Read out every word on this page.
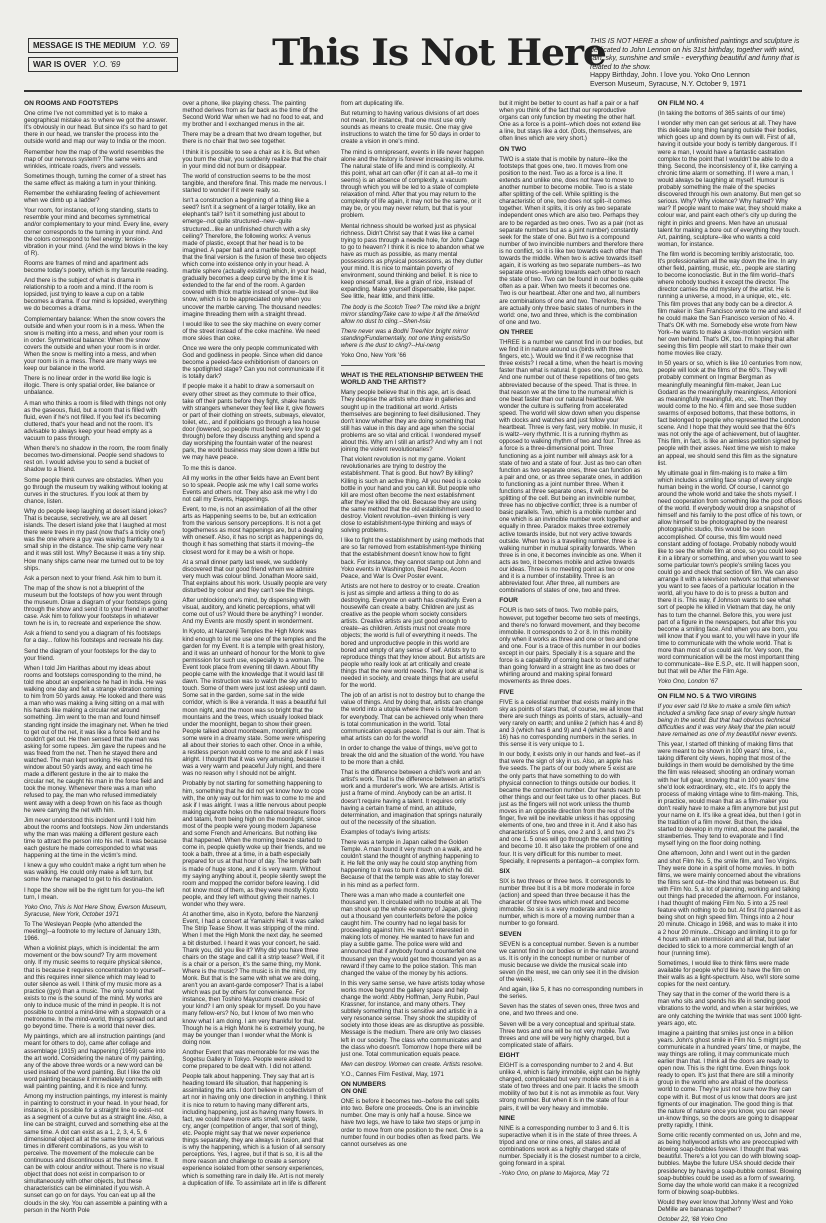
MESSAGE IS THE MEDIUM Y.O. '69
WAR IS OVER Y.O. '69	This Is Not Here
THIS IS NOT HERE a show of unfinished paintings and sculpture is dedicated to John Lennon on his 31st birthday, together with wind, rain, sky, sunshine and smile - everything beautiful and funny that is related to the show.
Happy Birthday, John. I love you. Yoko Ono Lennon
Everson Museum, Syracuse, N.Y. October 9, 1971
ON ROOMS AND FOOTSTEPS

One crime I've not committed yet is to make a geographical mistake as to where we got the answer. It's obviously in our head. But since it's so hard to get there in our head, we transfer the process into the outside world and map our way to India or the moon.

Remember how the map of the world resembles the map of our nervous system? The same veins and wrinkles, intricate roads, rivers and vessels.

Sometimes though, turning the corner of a street has the same effect as making a turn in your thinking.

Remember the exhilarating feeling of achievement when we climb up a ladder?

Your room, for instance, of long standing, starts to resemble your mind and becomes symmetrical and/or complementary to your mind. Every line, every corner corresponds to the turning in your mind. And the colors correspond to feel energy: tension-vibration in your mind. (And the wind blows in the key of R).

Rooms are frames of mind and apartment ads become today's poetry, which is my favourite reading.

And there is the subject of what is drama in relationship to a room and a mind. If the room is lopsided, just trying to leave a cup on a table becomes a drama. If our mind is lopsided, everything we do becomes a drama.

Complementary balance: When the snow covers the outside and when your room is in a mess. When the snow is melting into a mess, and when your room is in order. Symmetrical balance: When the snow covers the outside and when your room is in order. When the snow is melting into a mess, and when your room is in a mess. There are many ways we keep our balance in the world.

There is no linear order in the world like logic is illogic. There is only spatial order, like balance or unbalance.

A man who thinks a room is filled with things not only as the gaseous, fluid, but a room that is filled with fluid, even if he's not filled. If you feel it's becoming cluttered, that's your head and not the room. It's advisable to always keep your head empty as a vacuum to pass through.

When there's no shadow in the room, the room finally becomes two-dimensional. People send shadows to rest on. I would advise you to send a bucket of shadow to a friend.

Some people think curves are obstacles. When you go through the museum try walking without looking at curves in the structures. If you look at them by chance, listen.

Why do people keep laughing at desert island jokes? That is because, secretively, we are all desert islands. The desert island joke that I laughed at most there were trees in my past (now that's a tricky one!) was the one where a guy was waving frantically to a small ship in the distance. The ship came very near and it was still lost. Why? Because it was a tiny ship. How many ships came near me turned out to be toy ships.

Ask a person next to your friend. Ask him to burn it.

The map of the show is not a blueprint of the museum but the footsteps of how you went through the museum. Draw a diagram of your footsteps going through the show and send it to your friend in another case. Ask him to follow your footsteps in whatever town he is in, to recreate and experience the show.

Ask a friend to send you a diagram of his footsteps for a day... follow his footsteps and recreate his day.

Send the diagram of your footsteps for the day to your friend.

When I told Jim Harithas about my ideas about rooms and footsteps corresponding to the mind, he told me about an experience he had in India. He was walking one day and felt a strange vibration coming to him from 50 yards away. He looked and there was a man who was making a living sitting on a mat with his hands like making a circular net around something. Jim went to the man and found himself standing right inside the imaginary net. When he tried to get out of the net, it was like a force field and he couldn't get out. He then sensed that the man was asking for some rupees. Jim gave the rupees and he was freed from the net. Then he stayed there and watched. The man kept working. He opened his window about 50 yards away, and each time he made a different gesture in the air to make the circular net, he caught his man in the force field and took the money. Whenever there was a man who refused to pay, the man who refused immediately went away with a deep frown on his face as though he were carrying the net with him.

Jim never understood this incident until I told him about the rooms and footsteps. Now Jim understands why the man was making a different gesture each time to attract the person into his net. It was because each gesture he made corresponded to what was happening at the time in the victim's mind.

I knew a guy who couldn't make a right turn when he was walking. He could only make a left turn, but some how he managed to get to his destination.

I hope the show will be the right turn for you--the left turn, I mean.

Yoko Ono, This is Not Here Show, Everson Museum, Syracuse, New York, October 1971

To The Wesleyan People (who attended the meeting)--a footnote to my lecture of January 13th, 1966.

When a violinist plays, which is incidental: the arm movement or the bow sound? Try arm movement only. If my music seems to require physical silence, that is because it requires concentration to yourself--and this requires inner silence which may lead to outer silence as well. I think of my music more as a practice (gyo) than a music. The only sound that exists to me is the sound of the mind. My works are only to induce music of the mind in people. It is not possible to control a mind-time with a stopwatch or a metronome. In the mind-world, things spread out and go beyond time. There is a world that never dies.

My paintings, which are all instruction paintings (and meant for others to do), came after collage and assemblage (1915) and happening (1959) came into the art world. Considering the nature of my painting, any of the above three words or a new word can be used instead of the word painting. But I like the old word painting because it immediately connects with wall painting painting, and it is nice and funny.

Among my instruction paintings, my interest is mainly in painting to construct in your head. In your head, for instance, it is possible for a straight line to exist--not as a segment of a curve but as a straight line. Also, a line can be straight, curved and something else at the same time. A dot can exist as a 1, 2, 3, 4, 5, 6 dimensional object all at the same time or at various times in different combinations, as you wish to perceive. The movement of the molecule can be continuous and discontinuous at the same time. It can be with colour and/or without. There is no visual object that does not exist in comparison to or simultaneously with other objects, but these characteristics can be eliminated if you wish. A sunset can go on for days. You can eat up all the clouds in the sky. You can assemble a painting with a person in the North Pole

over a phone, like playing chess. The painting method derives from as far back as the time of the Second World War when we had no food to eat, and my brother and I exchanged menus in the air.

There may be a dream that two dream together, but there is no chair that two see together.

I think it is possible to see a chair as it is. But when you burn the chair, you suddenly realize that the chair in your mind did not burn or disappear.

The world of construction seems to be the most tangible, and therefore final. This made me nervous. I started to wonder if it were really so.

Isn't a construction a beginning of a thing like a seed? Isn't it a segment of a larger totality, like an elephant's tail? Isn't it something just about to emerge--not quite structured--new--quite structured...like an unfinished church with a sky ceiling? Therefore, the following works: A venus made of plastic, except that her head is to be imagined. A paper ball and a marble book, except that the final version is the fusion of these two objects which come into existence only in your head. A marble sphere (actually existing) which, in your head, gradually becomes a deep curve by the time it is extended to the far end of the room. A garden covered with thick marble instead of snow--but like snow, which is to be appreciated only when you uncover the marble carving. The thousand needles: imagine threading them with a straight thread.

I would like to see the sky machine on every corner of the street instead of the coke machine. We need more skies than coke.

Once we were the only people communicated with God and godliness in people. Since when did dance become a peeled-face exhibitionism of dancers on the spotlighted stage? Can you not communicate if it is totally dark?

If people make it a habit to draw a somersault on every other street as they commute to their office, take off their pants before they fight, shake hands with strangers whenever they feel like it, give flowers or part of their clothing on streets, subways, elevator, toilet, etc., and if politicians go through a tea house door (lowered, so people must bend very low to get through) before they discuss anything and spend a day worshiping the fountain water of the nearest park, the world business may slow down a little but we may have peace.

To me this is dance.

All my works in the other fields have an Event bent so to speak. People ask me why I call some works Events and others not. They also ask me why I do not call my Events, Happenings.

Event, to me, is not an assimilation of all the other arts as Happening seems to be, but an extrication from the various sensory perceptions. It is not a get togetherness as most happenings are, but a dealing with oneself. Also, it has no script as happenings do, though it has something that starts it moving--the closest word for it may be a wish or hope.

At a small dinner party last week, we suddenly discovered that our good friend whom we admire very much was colour blind. Jonathan Moore said, That explains about his work. Usually people are very disturbed by colour and they can't see the things.

After unblocking one's mind, by dispensing with visual, auditory, and kinetic perceptions, what will come out of us? Would there be anything? I wonder. And my Events are mostly spent in wonderment.

In Kyoto, at Nanzenji Temples the High Monk was kind enough to let me use one of the temples and the garden for my Event. It is a temple with great history, and it was an unheard of honour for the Monk to give permission for such use, especially to a woman. The Event took place from evening till dawn. About fifty people came with the knowledge that it would last till dawn. The instruction was to watch the sky and to touch. Some of them were just lost asleep until dawn. Some sat in the garden, some sat in the wide corridor, which is like a veranda. It was a beautiful full moon night, and the moon was so bright that the mountains and the trees, which usually looked black under the moonlight, began to show their green. People talked about moonbeam, moonlight, and some were in a dreamy state. Some were whispering all about their stories to each other. Once in a while, a restless person would come to me and ask if I was alright. I thought that it was very amusing, because it was a very warm and peaceful July night, and there was no reason why I should not be alright.

Probably by not starting for something happening to him, something that he did not yet know how to cope with, the only way out for him was to come to me and ask if I was alright. I was a little nervous about people making cigarette holes on the national treasure floors and tatami, from being high on the moonlight, since most of the people were young modern Japanese and some French and Americans. But nothing like that happened. When the morning breeze started to come in, people quietly woke up their friends, and we took a bath, three at a time, in a bath especially prepared for us at that hour of day. The temple bath is made of huge stone, and it is very warm. Without my saying anything about it, people silently swept the room and mopped the corridor before leaving. I did not know most of them, as they were mostly Kyoto people, and they left without giving their names. I wonder who they were.

At another time, also in Kyoto, before the Nanzenji Event, I had a concert at Yamaichi Hall. It was called The Strip Tease Show. It was stripping of the mind. When I met the High Monk the next day, he seemed a bit disturbed. I heard it was your concert, he said. Thank you, did you like it? Why did you have three chairs on the stage and call it a strip tease? Well, if it is a chair or a person, it's the same thing, my Monk. Where is the music? The music is in the mind, my Monk. But that is the same with what we are doing, aren't you an avant-garde composer? That is a label which was put by others for convenience. For instance, then Toshiro Mayuzumi create music of your kind? I am only speak for myself. Do you have many fellow-ers? No, but I know of two men who know what I am doing. I am very thankful for that. Though he is a High Monk he is extremely young, he may be younger than I wonder what the Monk is doing now.

Another Event that was memorable for me was the Sogetsu Gallery in Tokyo. People were asked to come prepared to be dealt with. I did not attend.

People talk about happening. They say that art is heading toward life situation, that happening is assimilating the arts. I don't believe in collectivism of art nor in having only one direction in anything. I think it is nice to return to having many different arts, including happening, just as having many flowers. In fact, we could have more arts smell, weight, taste, cry, anger (competition of anger, that sort of thing), etc. People might say that we never experience things separately, they are always in fusion, and that is why the happening, which is a fusion of all sensory perceptions. Yes, I agree, but if that is so, it is all the more reason and challenge to create a sensory experience isolated from other sensory experiences, which is something rare in daily life. Art is not merely a duplication of life. To assimilate art in life is different

from art duplicating life.

But returning to having various divisions of art does not mean, for instance, that one must use only sounds as means to create music. One may give instructions to watch the time for 50 days in order to create a vision in one's mind.

The mind is omnipresent, events in life never happen alone and the history is forever increasing its volume. The natural state of life and mind is complexity. At this point, what art can offer (if it can at all--to me it seems) is an absence of complexity, a vacuum through which you will be led to a state of complete relaxation of mind. After that you may return to the complexity of life again, it may not be the same, or it may be, or you may never return, but that is your problem.

Mental richness should be worked just as physical richness. Didn't Christ say that it was like a camel trying to pass through a needle hole, for John Cage to go to heaven? I think it is nice to abandon what we have as much as possible, as many mental possessions as physical possessions, as they clutter your mind. It is nice to maintain poverty of environment, sound thinking and belief. It is nice to keep oneself small, like a grain of rice, instead of expanding. Make yourself dispensable, like paper. See little, hear little, and think little.

The body is the Scotch Tree? The mind like a bright mirror standing/Take care to wipe it all the time/And allow no dust to cling.--Shen-hsiu

There never was a Bodhi Tree/Nor bright mirror standing/Fundamentally, not one thing exists/So where is the dust to cling?--Hui-neng

Yoko Ono, New York '66

WHAT IS THE RELATIONSHIP BETWEEN THE WORLD AND THE ARTIST?

Many people believe that in this age, art is dead. They despise the artists who draw in galleries and sought up in the traditional art world. Artists themselves are beginning to feel disillusioned. They don't know whether they are doing something that still has value in this day and age when the social problems are so vital and critical. I wondered myself about this. Why am I still an artist? And why am I not joining the violent revolutionaries?

That violent revolution is not my game. Violent revolutionaries are trying to destroy the establishment. That is good. But how? By killing? Killing is such an active thing. All you need is a coke bottle in your hand and you can kill. But people who kill are most often become the next establishment after they've killed the old. Because they are using the same method that the old establishment used to destroy. Violent revolution--even thinking is very close to establishment-type thinking and ways of solving problems.

I like to fight the establishment by using methods that are so far removed from establishment-type thinking that the establishment doesn't know how to fight back. For instance, they cannot stamp out John and Yoko events in Washington, Bed Peace, Acorn Peace, and War Is Over Poster event.

Artists are not here to destroy or to create. Creation is just as simple and artless a thing to do as destroying. Everyone on earth has creativity. Even a housewife can create a baby. Children are just as creative as the people whom society considers artists. Creative artists are just good enough to create--as children. Artists must not create more objects; the world is full of everything it needs. The bored and unproductive people in this world are bored and empty of any sense of self. Artists try to reproduce things that they know about. But artists are people who really look at art critically and create things that the new world needs. They look at what is needed in society, and create things that are useful for the world.

The job of an artist is not to destroy but to change the value of things. And by doing that, artists can change the world into a utopia where there is total freedom for everybody. That can be achieved only when there is total communication in the world. Total communication equals peace. That is our aim. That is what artists can do for the world!

In order to change the value of things, we've got to break the old and the situation of the world. You have to be more than a child.

That is the difference between a child's work and an artist's work. That is the difference between an artist's work and a murderer's work. We are artists. Artist is just a frame of mind. Anybody can be an artist. It doesn't require having a talent. It requires only having a certain frame of mind, an attitude, determination, and imagination that springs naturally out of the necessity of the situation.

Examples of today's living artists:

There was a temple in Japan called the Golden Temple. A man found it very much on a walk, and he couldn't stand the thought of anything happening to it. He felt the only way he could stop anything from happening to it was to burn it down, which he did. Because of that the temple was able to stay forever in his mind as a perfect form.

There was a man who made a counterfeit one thousand yen. It circulated with no trouble at all. The man shook up the whole economy of Japan, giving out a thousand yen counterfeits before the police caught him. The country had no legal basis for proceeding against him. He wasn't interested in making lots of money. He wanted to have fun and play a subtle game. The police were wild and announced that if anybody found a counterfeit one thousand yen they would get two thousand yen as a reward if they came to the police station. This man changed the value of the money by his actions.

In this very same sense, we have artists today whose works move beyond the gallery space and help change the world: Abby Hoffman, Jerry Rubin, Paul Krassner, for instance, and many others. They subtlely something that is sensitive and artistic in a very resonance sense. They shook the stupidity of society into those ideas are as disruptive as possible. Message is the medium. There are only two classes left in our society. The class who communicates and the class who doesn't. Tomorrow I hope there will be just one. Total communication equals peace.

Men can destroy. Women can create. Artists resolve.

Y.O., Cannes Film Festival, May, 1971

ON NUMBERS
ON ONE

ONE is before it becomes two--before the cell splits into two. Before one proceeds. One is an invincible number. One may is only half a house. Since we have two legs, we have to take two steps or jump in order to move from one position to the next. One is a number found in our bodies often as fixed parts. We cannot ourselves as one

but it might be better to count as half a pair or a half when you think of the fact that our reproductive organs can only function by meeting the other half. One as a force is a point--which does not extend like a line, but stays like a dot. (Dots, themselves, are often lines which are very short.)

ON TWO

TWO is a state that is mobile by nature--like the footsteps that goes one, two. It moves from one position to the next. Two as a force is a line. It extends and unlike one, does not have to move to another number to become mobile. Two is a state after splitting of the cell. While splitting is the characteristic of one, two does not split--it comes together. When it splits, it is only as two separate independent ones which are also two. Perhaps they are to be regarded as two ones. Two as a pair (not as separate numbers but as a joint number) constantly seek for the state of one. But two is a compound number of two invincible numbers and therefore there is no conflict, so it is like two towards each other than towards the middle. When two is active towards itself again, it is working as two separate numbers--as two separate ones--working towards each other to reach the state of two. Two can be found in our bodies quite often as a pair. When two meets it becomes one. Two is our heartbeat. After one and two, all numbers are combinations of one and two. Therefore, there are actually only three basic states of numbers in the world: one, two and three, which is the combination of one and two.

ON THREE

THREE is a number we cannot find in our bodies, but we find it in nature around us (birds with three fingers, etc.). Would we find it if we recognise that three exists? I recall a time, when the heart is moving faster than what is natural. It goes one, two, one, two. And one number out of these repetitions of two gets abbreviated because of the speed. That is three. In that reason we at the time to the numeral which is one beat faster than our natural heartbeat. We wonder the culture is suffering from accelerated speed. The world will slow down when you dispense with clocks and watches and just follow your heartbeat. Three is very fast, very mobile. In music, it is waltz--very rhythmic. It is a running rhythm as opposed to walking rhythm of two and four. Three as a force is a three-dimensional point. Three functioning as a joint number will always ask for a state of two and a state of four. Just as two can often function as two separate ones, three can function as a pair and one, or as three separate ones, in addition to functioning as a joint number three. When it functions at three separate ones, it will never be splitting of the cell. But being an invincible number, three has no objective conflict; three is a number of basic parallels. Two, which is a mobile number and one which is an invincible number work together and equally in three. Paradox makes three extremely active towards inside, but not very active towards outside. When two is a travelling number, three is a walking number in mutual spirality forwards. When three is in one, it becomes invincible as one. When it acts as two, it becomes mobile and active towards our ideas. Three is no meeting point as two or one and it is a number of instability. Three is an abbreviated four. After three, all numbers are combinations of states of one, two and three.

FOUR

FOUR is two sets of twos. Two mobile pairs, however, put together become two sets of meetings, and there's no forward movement, and they become immobile. It corresponds to 2 or 8. In this mobility only when it works as three and one or two and one and one. Four is a trace of this number in our bodies except in our pairs. Specially it is a square and the force is a capability of coming back to oneself rather than going forward in a straight line as two does or whirling around and making spiral forward movements as three does.

FIVE

FIVE is a celestial number that exists mainly in the sky as points of stars that, of course, we all know that there are such things as points of stars, actually--and very rarely on earth; and unlike 2 (which has 4 and 8) and 3 (which has 6 and 9) and 4 (which has 8 and 16) has no corresponding numbers in the series. In this sense it is very unique to 1.

In our body, it exists only in our hands and feet--as if that were the sign of sky in us. Also, an apple has five seeds. The parts of our body where 5 exist are the only parts that have something to do with physical connection to things outside our bodies. It became the connection number. Our hands reach to other things and our feet take us to other places. But just as the fingers will not work unless the thumb moves in an opposite direction from the rest of the finger, five will be inevitable unless it has opposing elements of one, two and three in it. And it also has characteristics of 5 ones, one 2 and 3, and two 2's and one 1. 5 ones will go through the cell splitting and become 10. It also take the problem of one and four. It is very difficult for this number to meet. Specially, it represents a pentagon--a complex form.

SIX

SIX is two threes or three twos. It corresponds to number three but it is a bit more moderate in force (action) and speed than three because it has the character of three twos which meet and become immobile. So six is a very moderate and nice number, which is more of a moving number than a number to go forward.

SEVEN

SEVEN is a conceptual number. Seven is a number we cannot find in our bodies or in the nature around us. It is only in the concept number or number of music because we divide the musical scale into seven (in the west, we can only see it in the division of the week).

And again, like 5, it has no corresponding numbers in the series.

Seven has the states of seven ones, three twos and one, and two threes and one.

Seven will be a very conceptual and spiritual state. Three twos and one will be not very mobile. Two threes and one will be very highly charged, but a complicated state of affairs.

EIGHT

EIGHT is a corresponding number to 2 and 4. But unlike 4, which is fairly immobile, eight can be highly charged, complicated but very mobile when it is in a state of two threes and one pair. It lacks the smooth mobility of two but it is not as immobile as four. Very strong number. But when it is in the state of four pairs, it will be very heavy and immobile.

NINE

NINE is a corresponding number to 3 and 6. It is superactive when it is in the state of three threes. A tripod and one or nine ones, all states and all combinations work as a highly charged state of number. Specially it is the closest number to a circle, going forward in a spiral.

-Yoko Ono, on plane to Majorca, May '71

ON FILM NO. 4

(In taking the bottoms of 365 saints of our time)

I wonder why men can get serious at all. They have this delicate long thing hanging outside their bodies, which goes up and down by its own will. First of all, having it outside your body is terribly dangerous. If I were a man, I would have a fantastic castration complex to the point that I wouldn't be able to do a thing. Second, the inconsistency of it, like carrying a chronic time alarm or something. If I were a man, I would always be laughing at myself. Humour is probably something the male of the species discovered through his own anatomy. But men get so serious. Why? Why violence? Why hatred? Why war? If people want to make war, they should make a colour war, and paint each other's city up during the night in pinks and greens. Men have an unusual talent for making a bore out of everything they touch. Art, painting, sculpture--like who wants a cold woman, for instance.

The film world is becoming terribly aristocratic, too. It's professionalism all the way down the line. In any other field, painting, music, etc., people are starting to become iconoclastic. But in the film world--that's where nobody touches it except the director. The director carries the old mystery of the artist. He is running a universe, a mood, in a unique, etc., etc. This film proves that any body can be a director. A film maker in San Francisco wrote to me and asked if he could make the San Francisco version of No. 4. That's OK with me. Somebody else wrote from New York--he wants to make a slow-motion version with her own behind. That's OK, too. I'm hoping that after seeing this film people will start to make their own home movies like crazy.

In 50 years or so, which is like 10 centuries from now, people will look at the films of the 60's. They will probably comment on Ingmar Bergman as meaningfully meaningful film-maker, Jean Luc Godard as the meaningfully meaningless, Antonioni as meaningfully meaningful, etc., etc. Then they would come to the No. 4 film and see those sudden swarms of exposed bottoms, that these bottoms, in fact belonged to people who represented the London scene. And I hope that they would see that the 60's was not only the age of achievement, but of laughter. This film, in fact, is like an aimless petition signed by people with their asses. Next time we wish to make an appeal, we should send this film as the signature list.

My ultimate goal in film-making is to make a film which includes a smiling face snap of every single human being in the world. Of course, I cannot go around the whole world and take the shots myself. I need cooperation from something like the post offices of the world. If everybody would drop a snapshot of himself and his family to the post office of his town, or allow himself to be photographed by the nearest photographic studio, this would be soon accomplished. Of course, this film would need constant adding of footage. Probably nobody would like to see the whole film at once, so you could keep it in a library or something, and when you want to see some particular town's people's smiling faces you could go and check that section of film. We can also arrange it with a television network so that whenever you want to see faces of a particular location in the world, all you have to do is to press a button and there it is. This way, if Johnson wants to see what sort of people he killed in Vietnam that day, he only has to turn the channel. Before this, you were just part of a figure in the newspapers, but after this you become a smiling face. And when you are born, you will know that if you want to, you will have in your life time to communicate with the whole world. That is more than most of us could ask for. Very soon, the word communication will be the most important thing to communicate--like E.S.P., etc. It will happen soon, but that will be After the Film Age.

Yoko Ono, London '67

ON FILM NO. 5 & TWO VIRGINS

If you ever said I'd like to make a smile film which included a smiling face snap of every single human being in the world. But that had obvious technical difficulties and it was very likely that the plan would have remained as one of my beautiful never events.

This year, I started off thinking of making films that were meant to be shown in 100 years' time, i.e., taking different city views, hoping that most of the buildings in them would be demolished by the time the film was released; shooting an ordinary woman with her full gear, knowing that in 100 years' time she'd look extraordinary, etc., etc. It's to apply the process of making vintage wine to film-making. This, in practice, would mean that as a film-maker you don't really have to make a film anymore but just put your name on it. It's like a great idea, but then I got in the tradition of a film mover. But then, the idea started to develop in my mind, about the parallel, the strawberries. They tend to evaporate and I find myself lying on the floor doing nothing.

One afternoon, John and I went out in the garden and shot Film No. 5, the smile film, and Two Virgins. They were done in a spirit of home movies. In both films, we were mainly concerned about the vibrations the films sent out--the kind that was between us. But with Film No. 5, a lot of planning, working and talking out things had preceded the afternoon. For instance, I had thought of making Film No. 5 into a 25 reel feature with nothing to do but. At first I'd planned it as being shot on high speed film. Things into a 2 hour 20 minute. Chicago in 1968, and was to make it into a 2 hour 20 minute...Chicago and limiting it to go for 4 hours with an intermission and all that, but later decided to stick to a more commercial length of an hour (running time).

Sometimes, I would like to think films were made available for people who'd like to have the film on their walls as a light-spectrum. Also, we'll store some copies for the next century.

They say that in the corner of the world there is a man who sits and spends his life in sending good vibrations to the world, and when a star twinkles, we are only catching the twinkle that was sent 1000 light-years ago, etc.

Imagine a painting that smiles just once in a billion years. John's ghost smile in Film No. 5 might just communicate in a hundred years' time, or maybe, the way things are rolling, it may communicate much earlier than that. I think all the doors are ready to open now. This is the right time. Even things look ready to open. It's just that there are still a minority group in the world who are afraid of the doorless world to come. They're just not sure how they can cope with it. But most of us know that doors are just figments of our imagination. The good thing is that the nature of nature once you know, you can never un-know things, so the doors are going to disappear pretty rapidly, I think.

Some critic recently commented on us, John and me, as being hollywood artists who are preoccupied with blowing soap-bubbles forever. I thought that was beautiful. There's a lot you can do with blowing soap-bubbles. Maybe the future USA should decide their presidency by having a soap-bubble contest. Blowing soap-bubbles could be used as a form of swearing. Some day the whole world can make it a recognized form of blowing soap-bubbles.

Would they ever know that Johnny West and Yoko DeMille are bananas together?

October 22, '68 Yoko Ono
